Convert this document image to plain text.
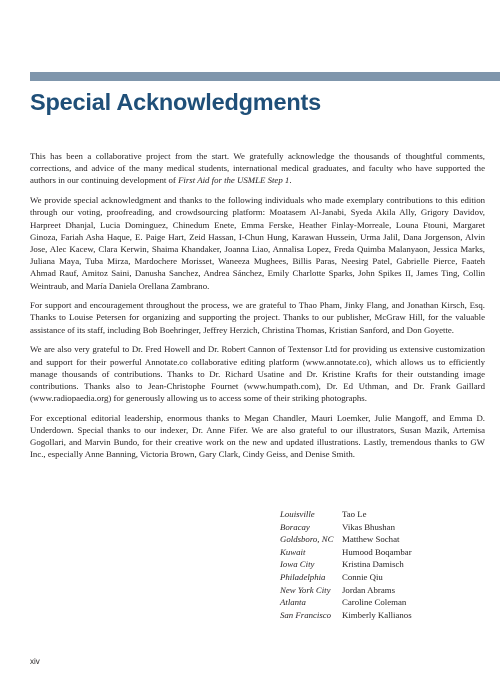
Special Acknowledgments

This has been a collaborative project from the start. We gratefully acknowledge the thousands of thoughtful comments, corrections, and advice of the many medical students, international medical graduates, and faculty who have supported the authors in our continuing development of First Aid for the USMLE Step 1.

We provide special acknowledgment and thanks to the following individuals who made exemplary contributions to this edition through our voting, proofreading, and crowdsourcing platform: Moatasem Al-Janabi, Syeda Akila Ally, Grigory Davidov, Harpreet Dhanjal, Lucia Dominguez, Chinedum Enete, Emma Ferske, Heather Finlay-Morreale, Louna Ftouni, Margaret Ginoza, Fariah Asha Haque, E. Paige Hart, Zeid Hassan, I-Chun Hung, Karawan Hussein, Urma Jalil, Dana Jorgenson, Alvin Jose, Alec Kacew, Clara Kerwin, Shaima Khandaker, Joanna Liao, Annalisa Lopez, Freda Quimba Malanyaon, Jessica Marks, Juliana Maya, Tuba Mirza, Mardochere Morisset, Waneeza Mughees, Billis Paras, Neesirg Patel, Gabrielle Pierce, Faateh Ahmad Rauf, Amitoz Saini, Danusha Sanchez, Andrea Sánchez, Emily Charlotte Sparks, John Spikes II, James Ting, Collin Weintraub, and María Daniela Orellana Zambrano.

For support and encouragement throughout the process, we are grateful to Thao Pham, Jinky Flang, and Jonathan Kirsch, Esq. Thanks to Louise Petersen for organizing and supporting the project. Thanks to our publisher, McGraw Hill, for the valuable assistance of its staff, including Bob Boehringer, Jeffrey Herzich, Christina Thomas, Kristian Sanford, and Don Goyette.

We are also very grateful to Dr. Fred Howell and Dr. Robert Cannon of Textensor Ltd for providing us extensive customization and support for their powerful Annotate.co collaborative editing platform (www.annotate.co), which allows us to efficiently manage thousands of contributions. Thanks to Dr. Richard Usatine and Dr. Kristine Krafts for their outstanding image contributions. Thanks also to Jean-Christophe Fournet (www.humpath.com), Dr. Ed Uthman, and Dr. Frank Gaillard (www.radiopaedia.org) for generously allowing us to access some of their striking photographs.

For exceptional editorial leadership, enormous thanks to Megan Chandler, Mauri Loemker, Julie Mangoff, and Emma D. Underdown. Special thanks to our indexer, Dr. Anne Fifer. We are also grateful to our illustrators, Susan Mazik, Artemisa Gogollari, and Marvin Bundo, for their creative work on the new and updated illustrations. Lastly, tremendous thanks to GW Inc., especially Anne Banning, Victoria Brown, Gary Clark, Cindy Geiss, and Denise Smith.

Louisville	Tao Le
Boracay	Vikas Bhushan
Goldsboro, NC Matthew Sochat
Kuwait	Humood Boqambar
Iowa City	Kristina Damisch
Philadelphia	Connie Qiu
New York City	Jordan Abrams
Atlanta	Caroline Coleman
San Francisco	Kimberly Kallianos
xiv
